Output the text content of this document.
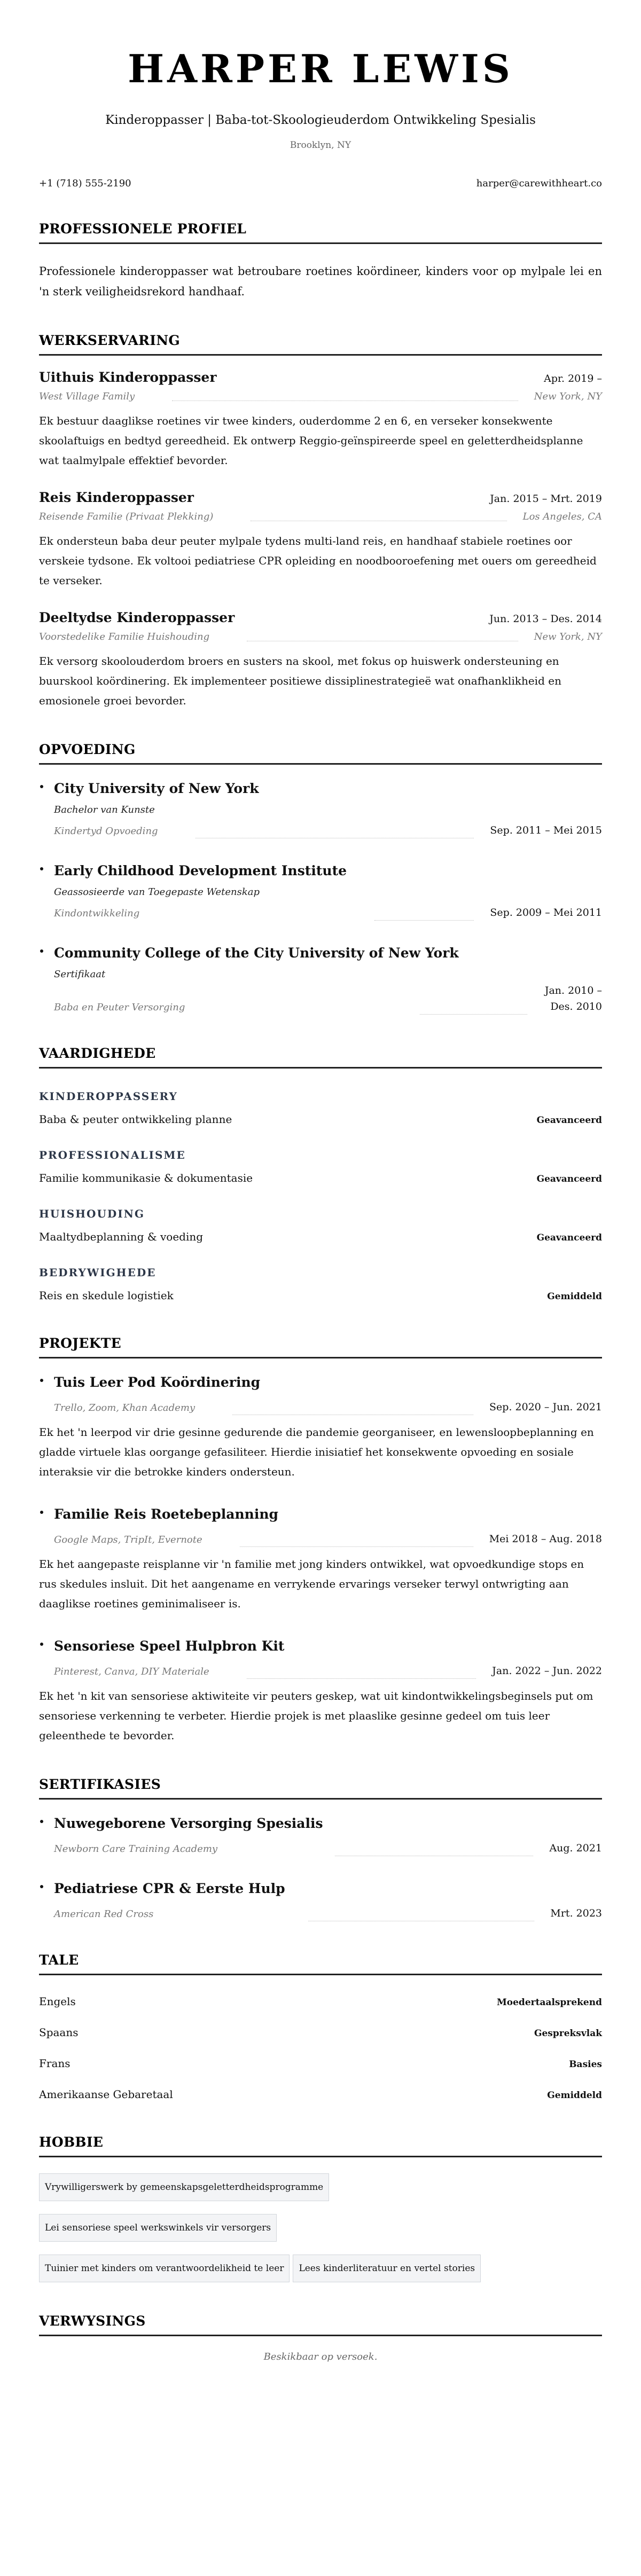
HARPER LEWIS
Kinderoppasser | Baba-tot-Skoologieuderdom Ontwikkeling Spesialis
Brooklyn, NY
+1 (718) 555-2190	harper@carewithheart.co
PROFESSIONELE PROFIEL

Professionele kinderoppasser wat betroubare roetines koördineer, kinders voor op mylpale lei en 'n sterk veiligheidsrekord handhaaf.

WERKSERVARING
Uithuis Kinderoppasser	Apr. 2019 –
West Village Family	New York, NY

Ek bestuur daaglikse roetines vir twee kinders, ouderdomme 2 en 6, en verseker konsekwente skoolaftuigs en bedtyd gereedheid. Ek ontwerp Reggio-geïnspireerde speel en geletterdheidsplanne wat taalmylpale effektief bevorder.

Reis Kinderoppasser	Jan. 2015 – Mrt. 2019
Reisende Familie (Privaat Plekking)	Los Angeles, CA

Ek ondersteun baba deur peuter mylpale tydens multi-land reis, en handhaaf stabiele roetines oor verskeie tydsone. Ek voltooi pediatriese CPR opleiding en noodbooroefening met ouers om gereedheid te verseker.

Deeltydse Kinderoppasser	Jun. 2013 – Des. 2014
Voorstedelike Familie Huishouding	New York, NY

Ek versorg skoolouderdom broers en susters na skool, met fokus op huiswerk ondersteuning en buurskool koördinering. Ek implementeer positiewe dissiplinestrategieë wat onafhanklikheid en emosionele groei bevorder.

OPVOEDING
City University of New York
Bachelor van Kunste
Kindertyd Opvoeding	Sep. 2011 – Mei 2015
Early Childhood Development Institute
Geassosieerde van Toegepaste Wetenskap
Kindontwikkeling	Sep. 2009 – Mei 2011
Community College of the City University of New York
Sertifikaat
Baba en Peuter Versorging
Jan. 2010 – Des. 2010
VAARDIGHEDE
KINDEROPPASSERY
Baba & peuter ontwikkeling planne	Geavanceerd
PROFESSIONALISME
Familie kommunikasie & dokumentasie	Geavanceerd
HUISHOUDING
Maaltydbeplanning & voeding	Geavanceerd
BEDRYWIGHEDE
Reis en skedule logistiek	Gemiddeld
PROJEKTE
Tuis Leer Pod Koördinering
Trello, Zoom, Khan Academy	Sep. 2020 – Jun. 2021

Ek het 'n leerpod vir drie gesinne gedurende die pandemie georganiseer, en lewensloopbeplanning en gladde virtuele klas oorgange gefasiliteer. Hierdie inisiatief het konsekwente opvoeding en sosiale interaksie vir die betrokke kinders ondersteun.

Familie Reis Roetebeplanning
Google Maps, TripIt, Evernote	Mei 2018 – Aug. 2018

Ek het aangepaste reisplanne vir 'n familie met jong kinders ontwikkel, wat opvoedkundige stops en rus skedules insluit. Dit het aangename en verrykende ervarings verseker terwyl ontwrigting aan daaglikse roetines geminimaliseer is.

Sensoriese Speel Hulpbron Kit
Pinterest, Canva, DIY Materiale	Jan. 2022 – Jun. 2022

Ek het 'n kit van sensoriese aktiwiteite vir peuters geskep, wat uit kindontwikkelingsbeginsels put om sensoriese verkenning te verbeter. Hierdie projek is met plaaslike gesinne gedeel om tuis leer geleenthede te bevorder.

SERTIFIKASIES
Nuwegeborene Versorging Spesialis
Newborn Care Training Academy	Aug. 2021
Pediatriese CPR & Eerste Hulp
American Red Cross	Mrt. 2023
TALE
Engels	Moedertaalsprekend
Spaans	Gespreksvlak
Frans	Basies
Amerikaanse Gebaretaal	Gemiddeld
HOBBIE
Vrywilligerswerk by gemeenskapsgeletterdheidsprogramme
Lei sensoriese speel werkswinkels vir versorgers
Tuinier met kinders om verantwoordelikheid te leer	Lees kinderliteratuur en vertel stories
VERWYSINGS

Beskikbaar op versoek.
